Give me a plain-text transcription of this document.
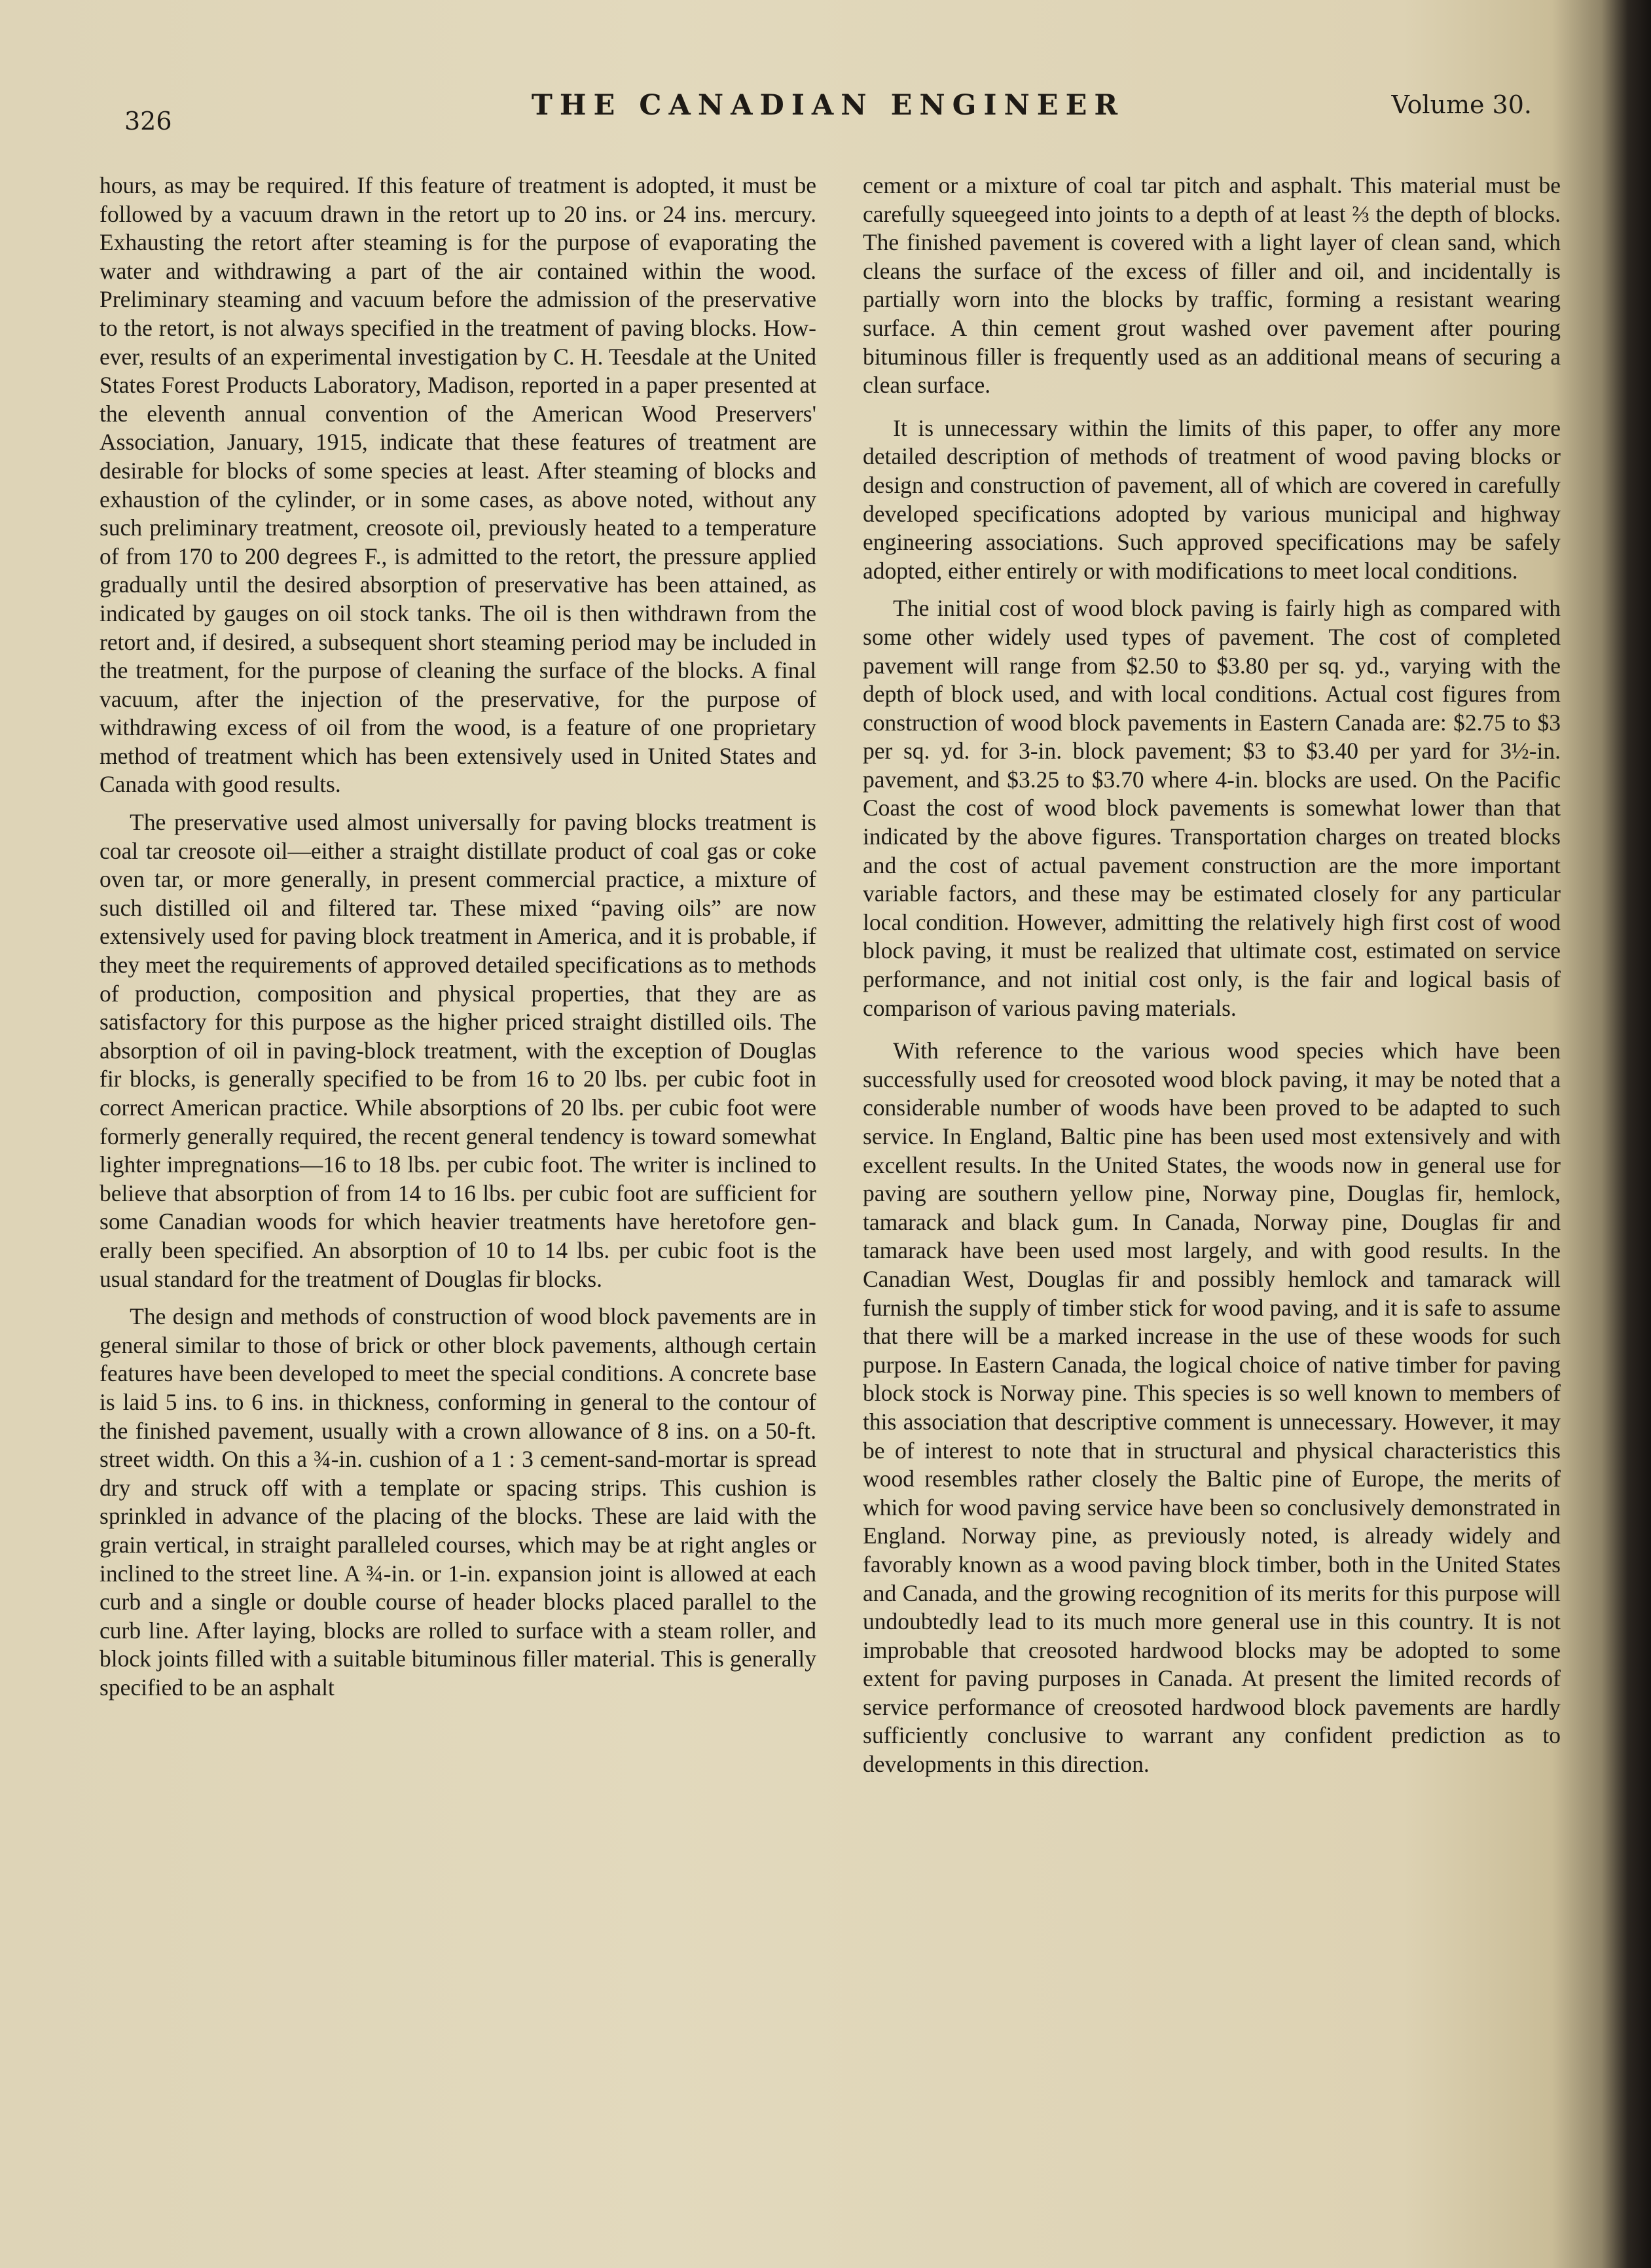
326	THE CANADIAN ENGINEER	Volume 30.

hours, as may be required. If this feature of treatment is adopted, it must be followed by a vacuum drawn in the retort up to 20 ins. or 24 ins. mercury. Exhausting the retort after steaming is for the purpose of evaporating the water and withdrawing a part of the air contained within the wood. Preliminary steaming and vacuum before the admission of the preservative to the retort, is not always specified in the treatment of paving blocks. However, results of an experimental investigation by C. H. Teesdale at the United States Forest Products Laboratory, Madison, reported in a paper presented at the eleventh annual convention of the American Wood Preservers' Association, January, 1915, indicate that these features of treatment are desirable for blocks of some species at least. After steaming of blocks and exhaustion of the cylinder, or in some cases, as above noted, without any such preliminary treatment, creosote oil, previously heated to a temperature of from 170 to 200 degrees F., is admitted to the retort, the pressure applied gradually until the desired absorption of preservative has been attained, as indicated by gauges on oil stock tanks. The oil is then withdrawn from the retort and, if desired, a subsequent short steaming period may be included in the treatment, for the purpose of cleaning the surface of the blocks. A final vacuum, after the injection of the preservative, for the purpose of withdrawing excess of oil from the wood, is a feature of one proprietary method of treatment which has been extensively used in United States and Canada with good results.

The preservative used almost universally for paving blocks treatment is coal tar creosote oil—either a straight distillate product of coal gas or coke oven tar, or more generally, in present commercial practice, a mixture of such distilled oil and filtered tar. These mixed “paving oils” are now extensively used for paving block treatment in America, and it is probable, if they meet the requirements of approved detailed specifications as to methods of production, composition and physical properties, that they are as satisfactory for this purpose as the higher priced straight distilled oils. The absorption of oil in paving-block treatment, with the exception of Douglas fir blocks, is generally specified to be from 16 to 20 lbs. per cubic foot in correct American practice. While absorptions of 20 lbs. per cubic foot were formerly generally required, the recent general tendency is toward somewhat lighter impregnations—16 to 18 lbs. per cubic foot. The writer is inclined to believe that absorption of from 14 to 16 lbs. per cubic foot are sufficient for some Canadian woods for which heavier treatments have heretofore generally been specified. An absorption of 10 to 14 lbs. per cubic foot is the usual standard for the treatment of Douglas fir blocks.

The design and methods of construction of wood block pavements are in general similar to those of brick or other block pavements, although certain features have been developed to meet the special conditions. A concrete base is laid 5 ins. to 6 ins. in thickness, conforming in general to the contour of the finished pavement, usually with a crown allowance of 8 ins. on a 50-ft. street width. On this a ¾-in. cushion of a 1 : 3 cement-sand-mortar is spread dry and struck off with a template or spacing strips. This cushion is sprinkled in advance of the placing of the blocks. These are laid with the grain vertical, in straight paralleled courses, which may be at right angles or inclined to the street line. A ¾-in. or 1-in. expansion joint is allowed at each curb and a single or double course of header blocks placed parallel to the curb line. After laying, blocks are rolled to surface with a steam roller, and block joints filled with a suitable bituminous filler material. This is generally specified to be an asphalt

cement or a mixture of coal tar pitch and asphalt. This material must be carefully squeegeed into joints to a depth of at least ⅔ the depth of blocks. The finished pavement is covered with a light layer of clean sand, which cleans the surface of the excess of filler and oil, and incidentally is partially worn into the blocks by traffic, forming a resistant wearing surface. A thin cement grout washed over pavement after pouring bituminous filler is frequently used as an additional means of securing a clean surface.

It is unnecessary within the limits of this paper, to offer any more detailed description of methods of treatment of wood paving blocks or design and construction of pavement, all of which are covered in carefully developed specifications adopted by various municipal and highway engineering associations. Such approved specifications may be safely adopted, either entirely or with modifications to meet local conditions.

The initial cost of wood block paving is fairly high as compared with some other widely used types of pavement. The cost of completed pavement will range from $2.50 to $3.80 per sq. yd., varying with the depth of block used, and with local conditions. Actual cost figures from construction of wood block pavements in Eastern Canada are: $2.75 to $3 per sq. yd. for 3-in. block pavement; $3 to $3.40 per yard for 3½-in. pavement, and $3.25 to $3.70 where 4-in. blocks are used. On the Pacific Coast the cost of wood block pavements is somewhat lower than that indicated by the above figures. Transportation charges on treated blocks and the cost of actual pavement construction are the more important variable factors, and these may be estimated closely for any particular local condition. However, admitting the relatively high first cost of wood block paving, it must be realized that ultimate cost, estimated on service performance, and not initial cost only, is the fair and logical basis of comparison of various paving materials.

With reference to the various wood species which have been successfully used for creosoted wood block paving, it may be noted that a considerable number of woods have been proved to be adapted to such service. In England, Baltic pine has been used most extensively and with excellent results. In the United States, the woods now in general use for paving are southern yellow pine, Norway pine, Douglas fir, hemlock, tamarack and black gum. In Canada, Norway pine, Douglas fir and tamarack have been used most largely, and with good results. In the Canadian West, Douglas fir and possibly hemlock and tamarack will furnish the supply of timber stick for wood paving, and it is safe to assume that there will be a marked increase in the use of these woods for such purpose. In Eastern Canada, the logical choice of native timber for paving block stock is Norway pine. This species is so well known to members of this association that descriptive comment is unnecessary. However, it may be of interest to note that in structural and physical characteristics this wood resembles rather closely the Baltic pine of Europe, the merits of which for wood paving service have been so conclusively demonstrated in England. Norway pine, as previously noted, is already widely and favorably known as a wood paving block timber, both in the United States and Canada, and the growing recognition of its merits for this purpose will undoubtedly lead to its much more general use in this country. It is not improbable that creosoted hardwood blocks may be adopted to some extent for paving purposes in Canada. At present the limited records of service performance of creosoted hardwood block pavements are hardly sufficiently conclusive to warrant any confident prediction as to developments in this direction.
